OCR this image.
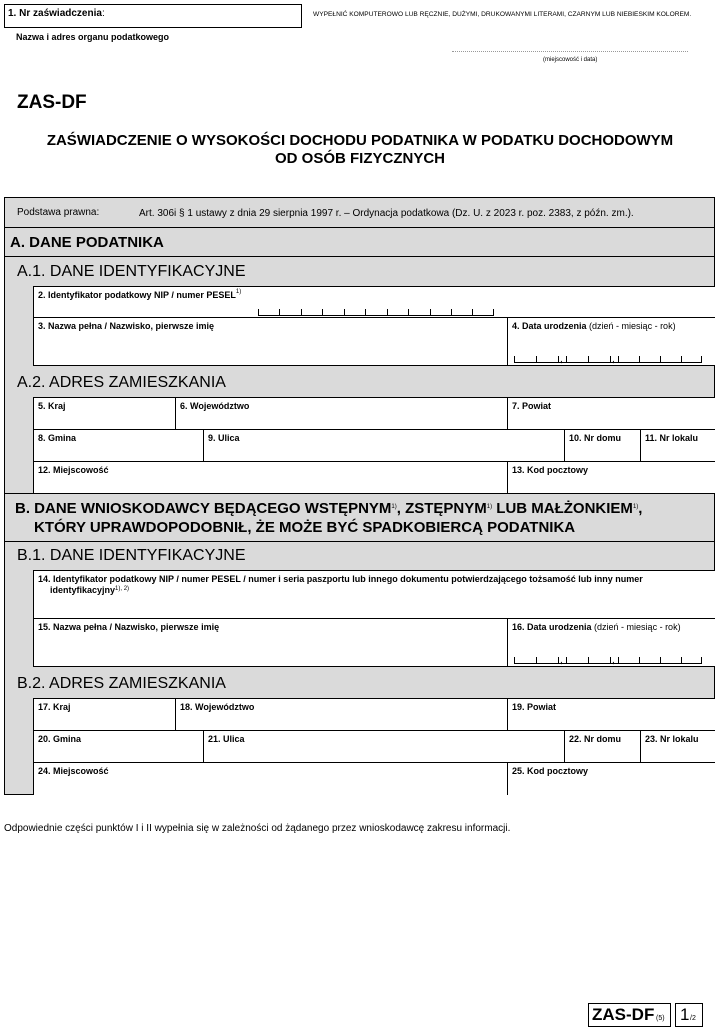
1. Nr zaświadczenia:	WYPEŁNIĆ KOMPUTEROWO LUB RĘCZNIE, DUŻYMI, DRUKOWANYMI LITERAMI, CZARNYM LUB NIEBIESKIM KOLOREM.
Nazwa i adres organu podatkowego
(miejscowość i data)
ZAS-DF
ZAŚWIADCZENIE O WYSOKOŚCI DOCHODU PODATNIKA W PODATKU DOCHODOWYM
OD OSÓB FIZYCZNYCH
Podstawa prawna:	Art. 306i § 1 ustawy z dnia 29 sierpnia 1997 r. – Ordynacja podatkowa (Dz. U. z 2023 r. poz. 2383, z późn. zm.).
A. DANE PODATNIKA
A.1. DANE IDENTYFIKACYJNE
2. Identyfikator podatkowy NIP / numer PESEL$^{1)}$
3. Nazwa pełna / Nazwisko, pierwsze imię	4. Data urodzenia (dzień - miesiąc - rok)
,	,
A.2. ADRES ZAMIESZKANIA
5. Kraj	6. Województwo	7. Powiat
8. Gmina	9. Ulica	10. Nr domu	11. Nr lokalu
12. Miejscowość	13. Kod pocztowy
B. DANE WNIOSKODAWCY BĘDĄCEGO WSTĘPNYM$^{1)}$, ZSTĘPNYM$^{1)}$ LUB MAŁŻONKIEM$^{1)}$,
KTÓRY UPRAWDOPODOBNIŁ, ŻE MOŻE BYĆ SPADKOBIERCĄ PODATNIKA
B.1. DANE IDENTYFIKACYJNE
14. Identyfikator podatkowy NIP / numer PESEL / numer i seria paszportu lub innego dokumentu potwierdzającego tożsamość lub inny numer
identyfikacyjny$^{1), 2)}$
15. Nazwa pełna / Nazwisko, pierwsze imię	16. Data urodzenia (dzień - miesiąc - rok)
,	,
B.2. ADRES ZAMIESZKANIA
17. Kraj	18. Województwo	19. Powiat
20. Gmina	21. Ulica	22. Nr domu	23. Nr lokalu
24. Miejscowość	25. Kod pocztowy
Odpowiednie części punktów I i II wypełnia się w zależności od żądanego przez wnioskodawcę zakresu informacji.
ZAS-DF (5) 1 /2
